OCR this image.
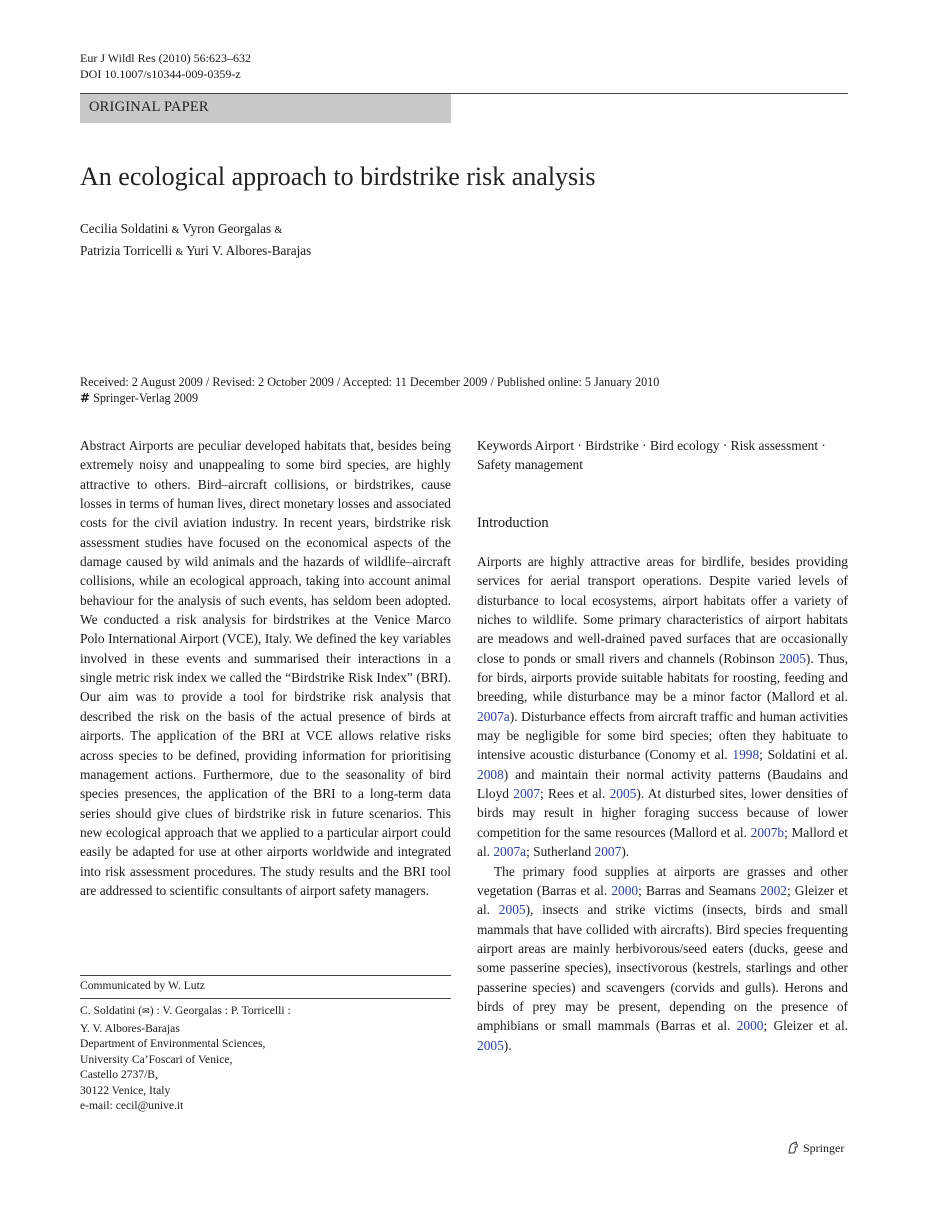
Eur J Wildl Res (2010) 56:623–632
DOI 10.1007/s10344-009-0359-z
ORIGINAL PAPER
An ecological approach to birdstrike risk analysis
Cecilia Soldatini & Vyron Georgalas &
Patrizia Torricelli & Yuri V. Albores-Barajas
Received: 2 August 2009 / Revised: 2 October 2009 / Accepted: 11 December 2009 / Published online: 5 January 2010
# Springer-Verlag 2009

Abstract Airports are peculiar developed habitats that, besides being extremely noisy and unappealing to some bird species, are highly attractive to others. Bird–aircraft collisions, or birdstrikes, cause losses in terms of human lives, direct monetary losses and associated costs for the civil aviation industry. In recent years, birdstrike risk assessment studies have focused on the economical aspects of the damage caused by wild animals and the hazards of wildlife–aircraft collisions, while an ecological approach, taking into account animal behaviour for the analysis of such events, has seldom been adopted. We conducted a risk analysis for birdstrikes at the Venice Marco Polo International Airport (VCE), Italy. We defined the key variables involved in these events and summarised their interactions in a single metric risk index we called the “Birdstrike Risk Index” (BRI). Our aim was to provide a tool for birdstrike risk analysis that described the risk on the basis of the actual presence of birds at airports. The application of the BRI at VCE allows relative risks across species to be defined, providing information for prioritising management actions. Furthermore, due to the seasonality of bird species presences, the application of the BRI to a long-term data series should give clues of birdstrike risk in future scenarios. This new ecological approach that we applied to a particular airport could easily be adapted for use at other airports worldwide and integrated into risk assessment procedures. The study results and the BRI tool are addressed to scientific consultants of airport safety managers.

Keywords Airport · Birdstrike · Bird ecology · Risk assessment · Safety management
Introduction

Airports are highly attractive areas for birdlife, besides providing services for aerial transport operations. Despite varied levels of disturbance to local ecosystems, airport habitats offer a variety of niches to wildlife. Some primary characteristics of airport habitats are meadows and well-drained paved surfaces that are occasionally close to ponds or small rivers and channels (Robinson 2005). Thus, for birds, airports provide suitable habitats for roosting, feeding and breeding, while disturbance may be a minor factor (Mallord et al. 2007a). Disturbance effects from aircraft traffic and human activities may be negligible for some bird species; often they habituate to intensive acoustic disturbance (Conomy et al. 1998; Soldatini et al. 2008) and maintain their normal activity patterns (Baudains and Lloyd 2007; Rees et al. 2005). At disturbed sites, lower densities of birds may result in higher foraging success because of lower competition for the same resources (Mallord et al. 2007b; Mallord et al. 2007a; Sutherland 2007).

The primary food supplies at airports are grasses and other vegetation (Barras et al. 2000; Barras and Seamans 2002; Gleizer et al. 2005), insects and strike victims (insects, birds and small mammals that have collided with aircrafts). Bird species frequenting airport areas are mainly herbivorous/seed eaters (ducks, geese and some passerine species), insectivorous (kestrels, starlings and other passerine species) and scavengers (corvids and gulls). Herons and birds of prey may be present, depending on the presence of amphibians or small mammals (Barras et al. 2000; Gleizer et al. 2005).

Communicated by W. Lutz
C. Soldatini (✉) : V. Georgalas : P. Torricelli :
Y. V. Albores-Barajas
Department of Environmental Sciences,
University Ca’Foscari of Venice,
Castello 2737/B,
30122 Venice, Italy
e-mail: cecil@unive.it
Springer
